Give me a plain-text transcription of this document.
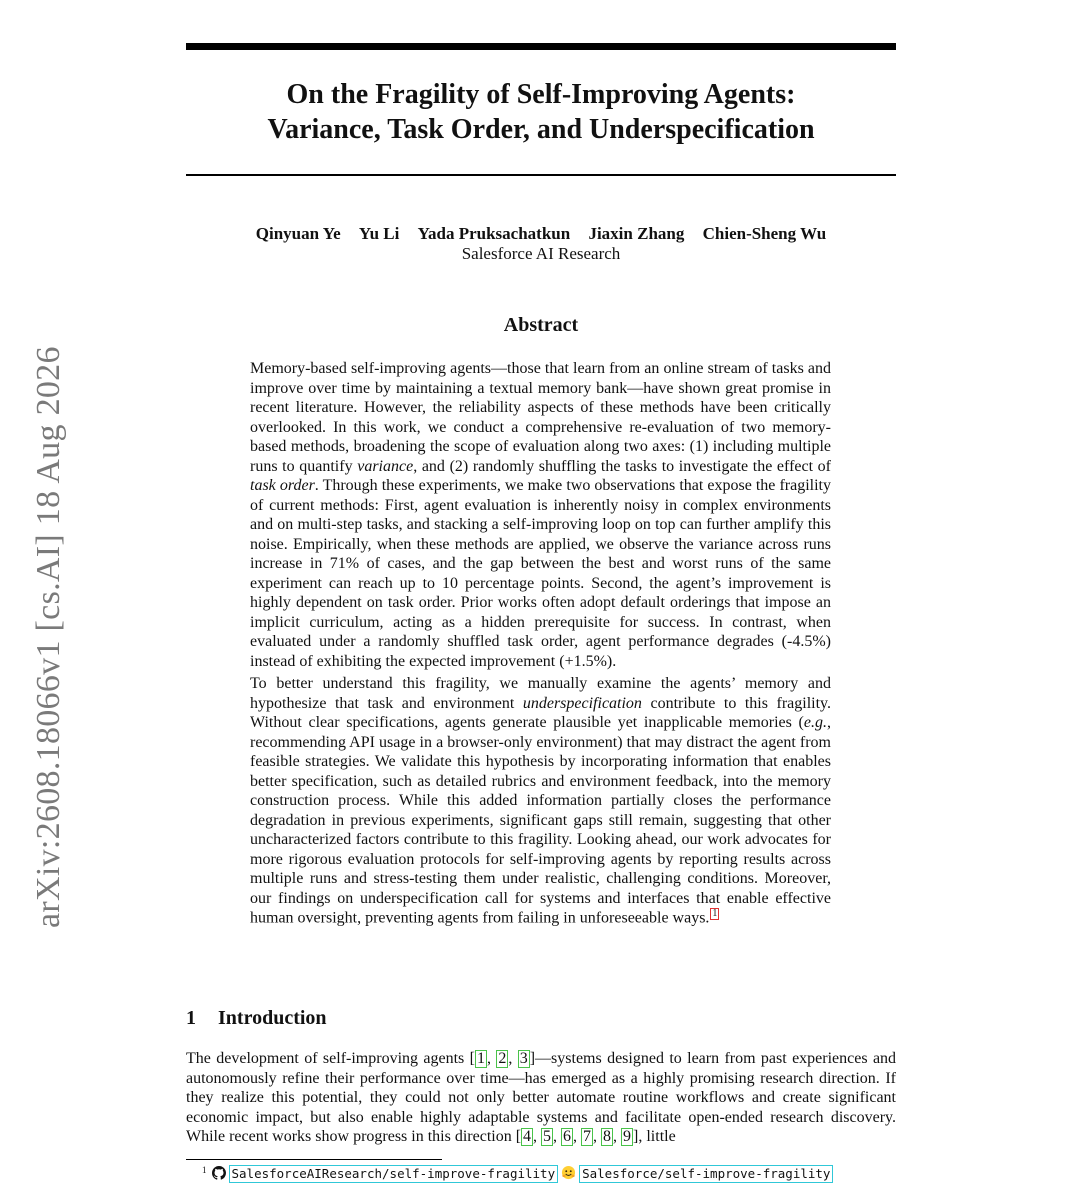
arXiv:2608.18066v1 [cs.AI] 18 Aug 2026
On the Fragility of Self-Improving Agents:
Variance, Task Order, and Underspecification
Qinyuan Ye Yu Li Yada Pruksachatkun Jiaxin Zhang Chien-Sheng Wu
Salesforce AI Research
Abstract

Memory-based self-improving agents—those that learn from an online stream of tasks and improve over time by maintaining a textual memory bank—have shown great promise in recent literature. However, the reliability aspects of these methods have been critically overlooked. In this work, we conduct a comprehensive re-evaluation of two memory-based methods, broadening the scope of evaluation along two axes: (1) including multiple runs to quantify variance, and (2) randomly shuffling the tasks to investigate the effect of task order. Through these experiments, we make two observations that expose the fragility of current methods: First, agent evaluation is inherently noisy in complex environments and on multi-step tasks, and stacking a self-improving loop on top can further amplify this noise. Empirically, when these methods are applied, we observe the variance across runs increase in 71% of cases, and the gap between the best and worst runs of the same experiment can reach up to 10 percentage points. Second, the agent’s improvement is highly dependent on task order. Prior works often adopt default orderings that impose an implicit curriculum, acting as a hidden prerequisite for success. In contrast, when evaluated under a randomly shuffled task order, agent performance degrades (-4.5%) instead of exhibiting the expected improvement (+1.5%).

To better understand this fragility, we manually examine the agents’ memory and hypothesize that task and environment underspecification contribute to this fragility. Without clear specifications, agents generate plausible yet inapplicable memories (e.g., recommending API usage in a browser-only environment) that may distract the agent from feasible strategies. We validate this hypothesis by incorporating information that enables better specification, such as detailed rubrics and environment feedback, into the memory construction process. While this added information partially closes the performance degradation in previous experiments, significant gaps still remain, suggesting that other uncharacterized factors contribute to this fragility. Looking ahead, our work advocates for more rigorous evaluation protocols for self-improving agents by reporting results across multiple runs and stress-testing them under realistic, challenging conditions. Moreover, our findings on underspecification call for systems and interfaces that enable effective human oversight, preventing agents from failing in unforeseeable ways. 1

1 Introduction

The development of self-improving agents [ 1 , 2 , 3 ]—systems designed to learn from past experiences and autonomously refine their performance over time—has emerged as a highly promising research direction. If they realize this potential, they could not only better automate routine workflows and create significant economic impact, but also enable highly adaptable systems and facilitate open-ended research discovery. While recent works show progress in this direction [ 4 , 5 , 6 , 7 , 8 , 9 ], little

$^1$ SalesforceAIResearch/self-improve-fragility Salesforce/self-improve-fragility
